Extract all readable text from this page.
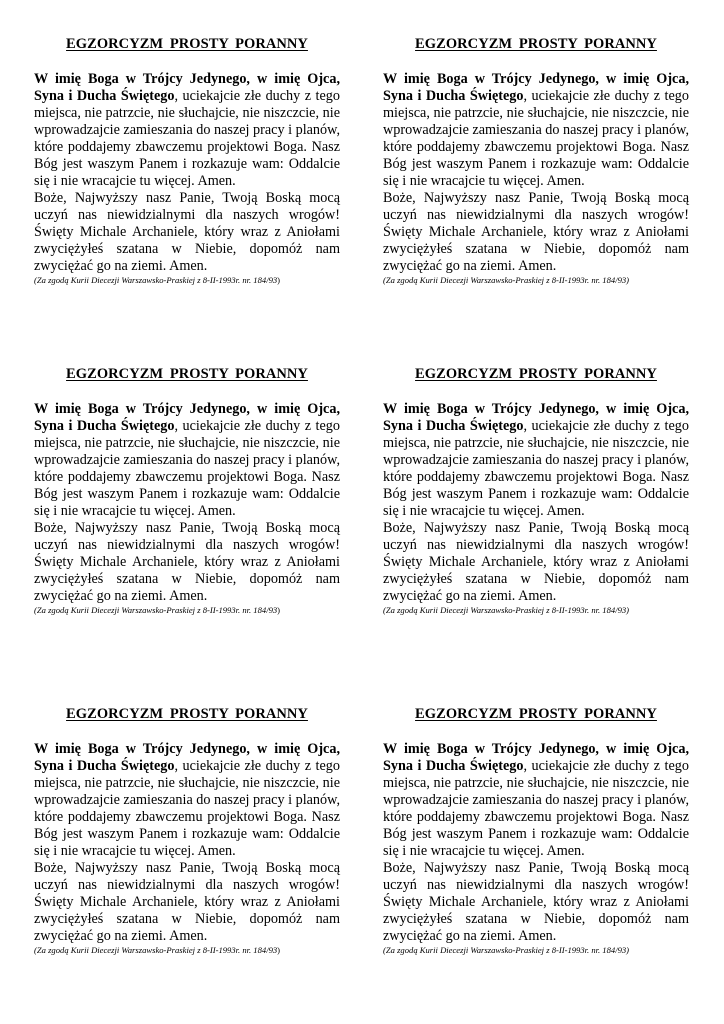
EGZORCYZM PROSTY PORANNY

W imię Boga w Trójcy Jedynego, w imię Ojca, Syna i Ducha Świętego, uciekajcie złe duchy z tego miejsca, nie patrzcie, nie słuchajcie, nie niszczcie, nie wprowadzajcie zamieszania do naszej pracy i planów, które poddajemy zbawczemu projektowi Boga. Nasz Bóg jest waszym Panem i rozkazuje wam: Oddalcie się i nie wracajcie tu więcej. Amen.

Boże, Najwyższy nasz Panie, Twoją Boską mocą uczyń nas niewidzialnymi dla naszych wrogów! Święty Michale Archaniele, który wraz z Aniołami zwyciężyłeś szatana w Niebie, dopomóż nam zwyciężać go na ziemi. Amen.

(Za zgodą Kurii Diecezji Warszawsko-Praskiej z 8-II-1993r. nr. 184/93)

EGZORCYZM PROSTY PORANNY

W imię Boga w Trójcy Jedynego, w imię Ojca, Syna i Ducha Świętego, uciekajcie złe duchy z tego miejsca, nie patrzcie, nie słuchajcie, nie niszczcie, nie wprowadzajcie zamieszania do naszej pracy i planów, które poddajemy zbawczemu projektowi Boga. Nasz Bóg jest waszym Panem i rozkazuje wam: Oddalcie się i nie wracajcie tu więcej. Amen.

Boże, Najwyższy nasz Panie, Twoją Boską mocą uczyń nas niewidzialnymi dla naszych wrogów! Święty Michale Archaniele, który wraz z Aniołami zwyciężyłeś szatana w Niebie, dopomóż nam zwyciężać go na ziemi. Amen.

(Za zgodą Kurii Diecezji Warszawsko-Praskiej z 8-II-1993r. nr. 184/93)

EGZORCYZM PROSTY PORANNY

W imię Boga w Trójcy Jedynego, w imię Ojca, Syna i Ducha Świętego, uciekajcie złe duchy z tego miejsca, nie patrzcie, nie słuchajcie, nie niszczcie, nie wprowadzajcie zamieszania do naszej pracy i planów, które poddajemy zbawczemu projektowi Boga. Nasz Bóg jest waszym Panem i rozkazuje wam: Oddalcie się i nie wracajcie tu więcej. Amen.

Boże, Najwyższy nasz Panie, Twoją Boską mocą uczyń nas niewidzialnymi dla naszych wrogów! Święty Michale Archaniele, który wraz z Aniołami zwyciężyłeś szatana w Niebie, dopomóż nam zwyciężać go na ziemi. Amen.

(Za zgodą Kurii Diecezji Warszawsko-Praskiej z 8-II-1993r. nr. 184/93)

EGZORCYZM PROSTY PORANNY

W imię Boga w Trójcy Jedynego, w imię Ojca, Syna i Ducha Świętego, uciekajcie złe duchy z tego miejsca, nie patrzcie, nie słuchajcie, nie niszczcie, nie wprowadzajcie zamieszania do naszej pracy i planów, które poddajemy zbawczemu projektowi Boga. Nasz Bóg jest waszym Panem i rozkazuje wam: Oddalcie się i nie wracajcie tu więcej. Amen.

Boże, Najwyższy nasz Panie, Twoją Boską mocą uczyń nas niewidzialnymi dla naszych wrogów! Święty Michale Archaniele, który wraz z Aniołami zwyciężyłeś szatana w Niebie, dopomóż nam zwyciężać go na ziemi. Amen.

(Za zgodą Kurii Diecezji Warszawsko-Praskiej z 8-II-1993r. nr. 184/93)

EGZORCYZM PROSTY PORANNY

W imię Boga w Trójcy Jedynego, w imię Ojca, Syna i Ducha Świętego, uciekajcie złe duchy z tego miejsca, nie patrzcie, nie słuchajcie, nie niszczcie, nie wprowadzajcie zamieszania do naszej pracy i planów, które poddajemy zbawczemu projektowi Boga. Nasz Bóg jest waszym Panem i rozkazuje wam: Oddalcie się i nie wracajcie tu więcej. Amen.

Boże, Najwyższy nasz Panie, Twoją Boską mocą uczyń nas niewidzialnymi dla naszych wrogów! Święty Michale Archaniele, który wraz z Aniołami zwyciężyłeś szatana w Niebie, dopomóż nam zwyciężać go na ziemi. Amen.

(Za zgodą Kurii Diecezji Warszawsko-Praskiej z 8-II-1993r. nr. 184/93)

EGZORCYZM PROSTY PORANNY

W imię Boga w Trójcy Jedynego, w imię Ojca, Syna i Ducha Świętego, uciekajcie złe duchy z tego miejsca, nie patrzcie, nie słuchajcie, nie niszczcie, nie wprowadzajcie zamieszania do naszej pracy i planów, które poddajemy zbawczemu projektowi Boga. Nasz Bóg jest waszym Panem i rozkazuje wam: Oddalcie się i nie wracajcie tu więcej. Amen.

Boże, Najwyższy nasz Panie, Twoją Boską mocą uczyń nas niewidzialnymi dla naszych wrogów! Święty Michale Archaniele, który wraz z Aniołami zwyciężyłeś szatana w Niebie, dopomóż nam zwyciężać go na ziemi. Amen.

(Za zgodą Kurii Diecezji Warszawsko-Praskiej z 8-II-1993r. nr. 184/93)
